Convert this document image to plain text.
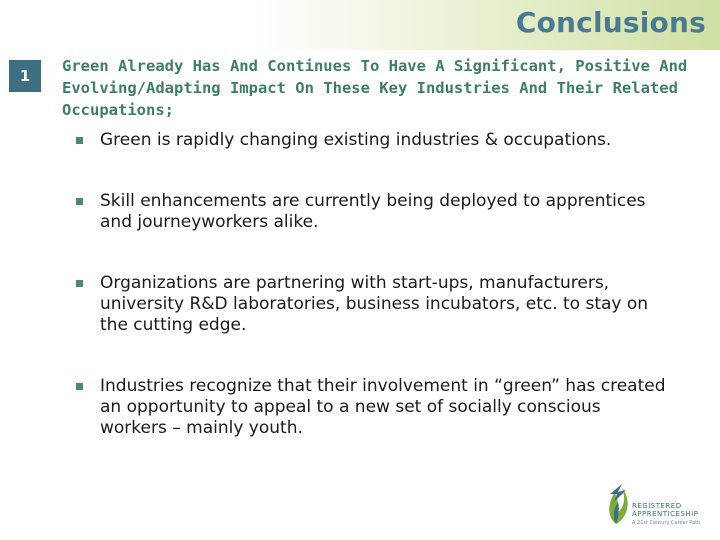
Conclusions
1
Green Already Has And Continues To Have A Significant, Positive And Evolving/Adapting Impact On These Key Industries And Their Related Occupations;
Green is rapidly changing existing industries & occupations.
Skill enhancements are currently being deployed to apprentices and journeyworkers alike.
Organizations are partnering with start-ups, manufacturers, university R&D laboratories, business incubators, etc. to stay on the cutting edge.
Industries recognize that their involvement in “green” has created an opportunity to appeal to a new set of socially conscious workers – mainly youth.
REGISTERED
APPRENTICESHIP
A 21st Century Career Path
